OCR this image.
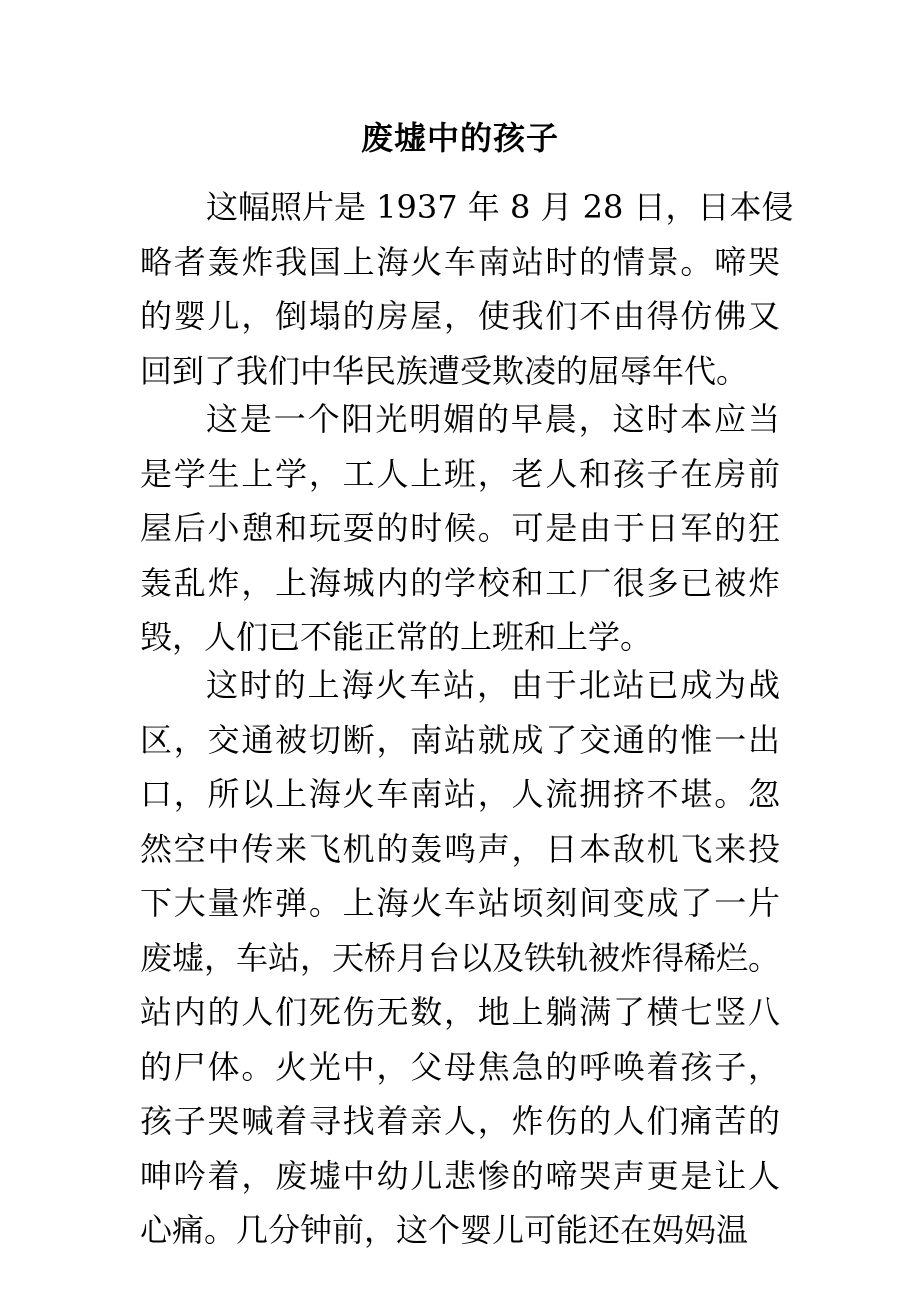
废墟中的孩子
这幅照片是 1937 年 8 月 28 日，日本侵
略者轰炸我国上海火车南站时的情景。啼哭
的婴儿，倒塌的房屋，使我们不由得仿佛又
回到了我们中华民族遭受欺凌的屈辱年代。
这是一个阳光明媚的早晨，这时本应当
是学生上学，工人上班，老人和孩子在房前
屋后小憩和玩耍的时候。可是由于日军的狂
轰乱炸，上海城内的学校和工厂很多已被炸
毁，人们已不能正常的上班和上学。
这时的上海火车站，由于北站已成为战
区，交通被切断，南站就成了交通的惟一出
口，所以上海火车南站，人流拥挤不堪。忽
然空中传来飞机的轰鸣声，日本敌机飞来投
下大量炸弹。上海火车站顷刻间变成了一片
废墟，车站，天桥月台以及铁轨被炸得稀烂。
站内的人们死伤无数，地上躺满了横七竖八
的尸体。火光中，父母焦急的呼唤着孩子，
孩子哭喊着寻找着亲人，炸伤的人们痛苦的
呻吟着，废墟中幼儿悲惨的啼哭声更是让人
心痛。几分钟前，这个婴儿可能还在妈妈温
